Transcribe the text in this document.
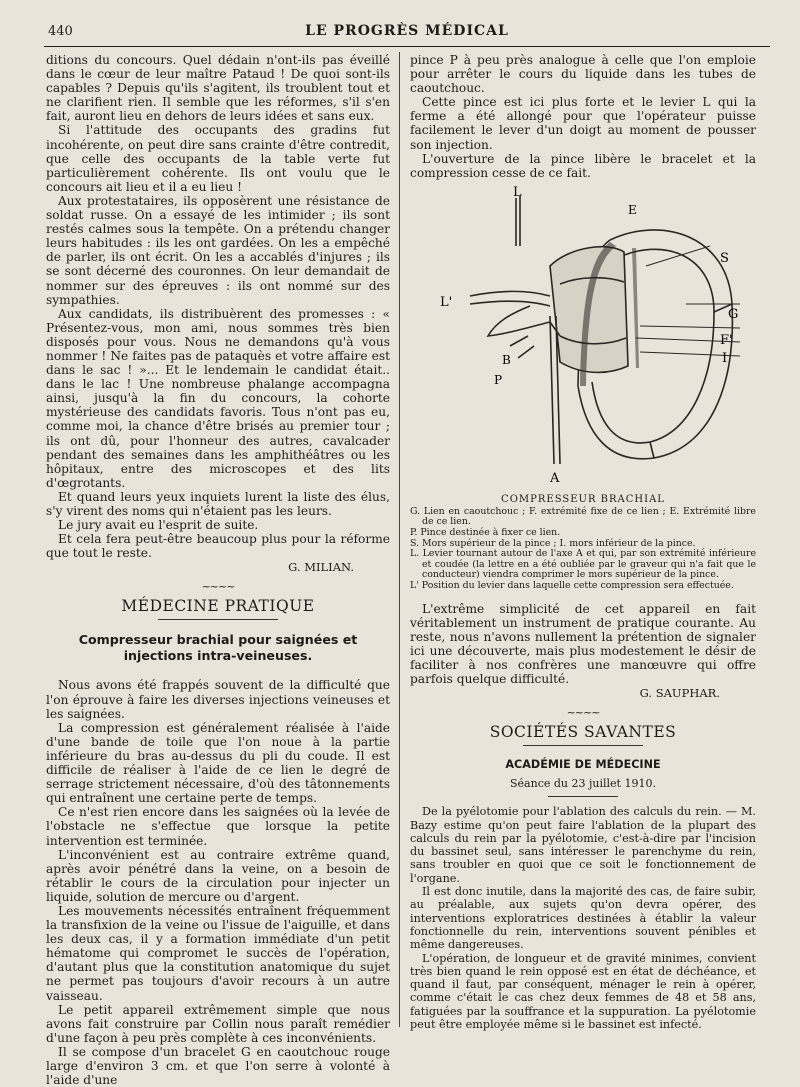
440	LE PROGRÈS MÉDICAL

ditions du concours. Quel dédain n'ont-ils pas éveillé dans le cœur de leur maître Pataud ! De quoi sont-ils capables ? Depuis qu'ils s'agitent, ils troublent tout et ne clarifient rien. Il semble que les réformes, s'il s'en fait, auront lieu en dehors de leurs idées et sans eux.

Si l'attitude des occupants des gradins fut incohérente, on peut dire sans crainte d'être contredit, que celle des occupants de la table verte fut particulièrement cohérente. Ils ont voulu que le concours ait lieu et il a eu lieu !

Aux protestataires, ils opposèrent une résistance de soldat russe. On a essayé de les intimider ; ils sont restés calmes sous la tempête. On a prétendu changer leurs habitudes : ils les ont gardées. On les a empêché de parler, ils ont écrit. On les a accablés d'injures ; ils se sont décerné des couronnes. On leur demandait de nommer sur des épreuves : ils ont nommé sur des sympathies.

Aux candidats, ils distribuèrent des promesses : « Présentez-vous, mon ami, nous sommes très bien disposés pour vous. Nous ne demandons qu'à vous nommer ! Ne faites pas de pataquès et votre affaire est dans le sac ! »... Et le lendemain le candidat était.. dans le lac ! Une nombreuse phalange accompagna ainsi, jusqu'à la fin du concours, la cohorte mystérieuse des candidats favoris. Tous n'ont pas eu, comme moi, la chance d'être brisés au premier tour ; ils ont dû, pour l'honneur des autres, cavalcader pendant des semaines dans les amphithéâtres ou les hôpitaux, entre des microscopes et des lits d'œgrotants.

Et quand leurs yeux inquiets lurent la liste des élus, s'y virent des noms qui n'étaient pas les leurs.

Le jury avait eu l'esprit de suite.

Et cela fera peut-être beaucoup plus pour la réforme que tout le reste.

G. MILIAN.

~~~~
MÉDECINE PRATIQUE
Compresseur brachial pour saignées et injections intra-veineuses.

Nous avons été frappés souvent de la difficulté que l'on éprouve à faire les diverses injections veineuses et les saignées.

La compression est généralement réalisée à l'aide d'une bande de toile que l'on noue à la partie inférieure du bras au-dessus du pli du coude. Il est difficile de réaliser à l'aide de ce lien le degré de serrage strictement nécessaire, d'où des tâtonnements qui entraînent une certaine perte de temps.

Ce n'est rien encore dans les saignées où la levée de l'obstacle ne s'effectue que lorsque la petite intervention est terminée.

L'inconvénient est au contraire extrême quand, après avoir pénétré dans la veine, on a besoin de rétablir le cours de la circulation pour injecter un liquide, solution de mercure ou d'argent.

Les mouvements nécessités entraînent fréquemment la transfixion de la veine ou l'issue de l'aiguille, et dans les deux cas, il y a formation immédiate d'un petit hématome qui compromet le succès de l'opération, d'autant plus que la constitution anatomique du sujet ne permet pas toujours d'avoir recours à un autre vaisseau.

Le petit appareil extrêmement simple que nous avons fait construire par Collin nous paraît remédier d'une façon à peu près complète à ces inconvénients.

Il se compose d'un bracelet G en caoutchouc rouge large d'environ 3 cm. et que l'on serre à volonté à l'aide d'une

pince P à peu près analogue à celle que l'on emploie pour arrêter le cours du liquide dans les tubes de caoutchouc.

Cette pince est ici plus forte et le levier L qui la ferme a été allongé pour que l'opérateur puisse facilement le lever d'un doigt au moment de pousser son injection.

L'ouverture de la pince libère le bracelet et la compression cesse de ce fait.

E
L
S
L'
G
F'
I
B
P
A
COMPRESSEUR BRACHIAL

G. Lien en caoutchouc ; F. extrémité fixe de ce lien ; E. Extrémité libre de ce lien.

P. Pince destinée à fixer ce lien.

S. Mors supérieur de la pince ; I. mors inférieur de la pince.

L. Levier tournant autour de l'axe A et qui, par son extrémité inférieure et coudée (la lettre en a été oubliée par le graveur qui n'a fait que le conducteur) viendra comprimer le mors supérieur de la pince.

L' Position du levier dans laquelle cette compression sera effectuée.

L'extrême simplicité de cet appareil en fait véritablement un instrument de pratique courante. Au reste, nous n'avons nullement la prétention de signaler ici une découverte, mais plus modestement le désir de faciliter à nos confrères une manœuvre qui offre parfois quelque difficulté.

G. SAUPHAR.

~~~~
SOCIÉTÉS SAVANTES
ACADÉMIE DE MÉDECINE
Séance du 23 juillet 1910.

De la pyélotomie pour l'ablation des calculs du rein. — M. Bazy estime qu'on peut faire l'ablation de la plupart des calculs du rein par la pyélotomie, c'est-à-dire par l'incision du bassinet seul, sans intéresser le parenchyme du rein, sans troubler en quoi que ce soit le fonctionnement de l'organe.

Il est donc inutile, dans la majorité des cas, de faire subir, au préalable, aux sujets qu'on devra opérer, des interventions exploratrices destinées à établir la valeur fonctionnelle du rein, interventions souvent pénibles et même dangereuses.

L'opération, de longueur et de gravité minimes, convient très bien quand le rein opposé est en état de déchéance, et quand il faut, par conséquent, ménager le rein à opérer, comme c'était le cas chez deux femmes de 48 et 58 ans, fatiguées par la souffrance et la suppuration. La pyélotomie peut être employée même si le bassinet est infecté.
